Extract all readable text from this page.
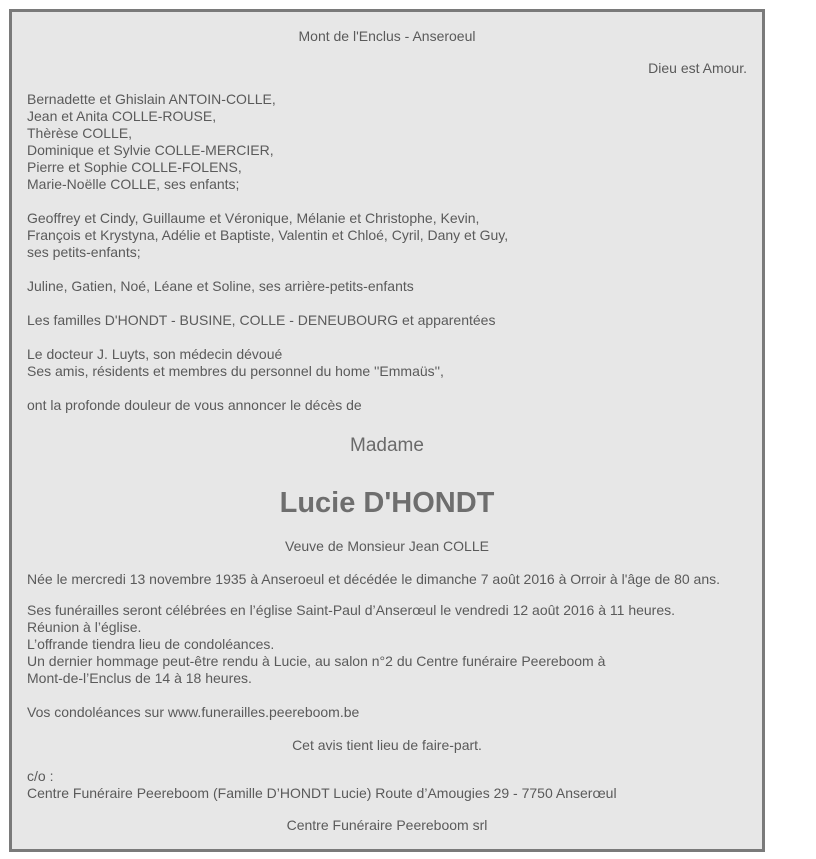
Mont de l'Enclus - Anseroeul
Dieu est Amour.
Bernadette et Ghislain ANTOIN-COLLE,
Jean et Anita COLLE-ROUSE,
Thèrèse COLLE,
Dominique et Sylvie COLLE-MERCIER,
Pierre et Sophie COLLE-FOLENS,
Marie-Noëlle COLLE, ses enfants;
Geoffrey et Cindy, Guillaume et Véronique, Mélanie et Christophe, Kevin,
François et Krystyna, Adélie et Baptiste, Valentin et Chloé, Cyril, Dany et Guy,
ses petits-enfants;
Juline, Gatien, Noé, Léane et Soline, ses arrière-petits-enfants
Les familles D'HONDT - BUSINE, COLLE - DENEUBOURG et apparentées
Le docteur J. Luyts, son médecin dévoué
Ses amis, résidents et membres du personnel du home ''Emmaüs'',
ont la profonde douleur de vous annoncer le décès de
Madame
Lucie D'HONDT
Veuve de Monsieur Jean COLLE
Née le mercredi 13 novembre 1935 à Anseroeul et décédée le dimanche 7 août 2016 à Orroir à l'âge de 80 ans.
Ses funérailles seront célébrées en l’église Saint-Paul d’Anserœul le vendredi 12 août 2016 à 11 heures.
Réunion à l’église.
L’offrande tiendra lieu de condoléances.
Un dernier hommage peut-être rendu à Lucie, au salon n°2 du Centre funéraire Peereboom à
Mont-de-l’Enclus de 14 à 18 heures.
Vos condoléances sur www.funerailles.peereboom.be
Cet avis tient lieu de faire-part.
c/o :
Centre Funéraire Peereboom (Famille D’HONDT Lucie) Route d’Amougies 29 - 7750 Anserœul
Centre Funéraire Peereboom srl
